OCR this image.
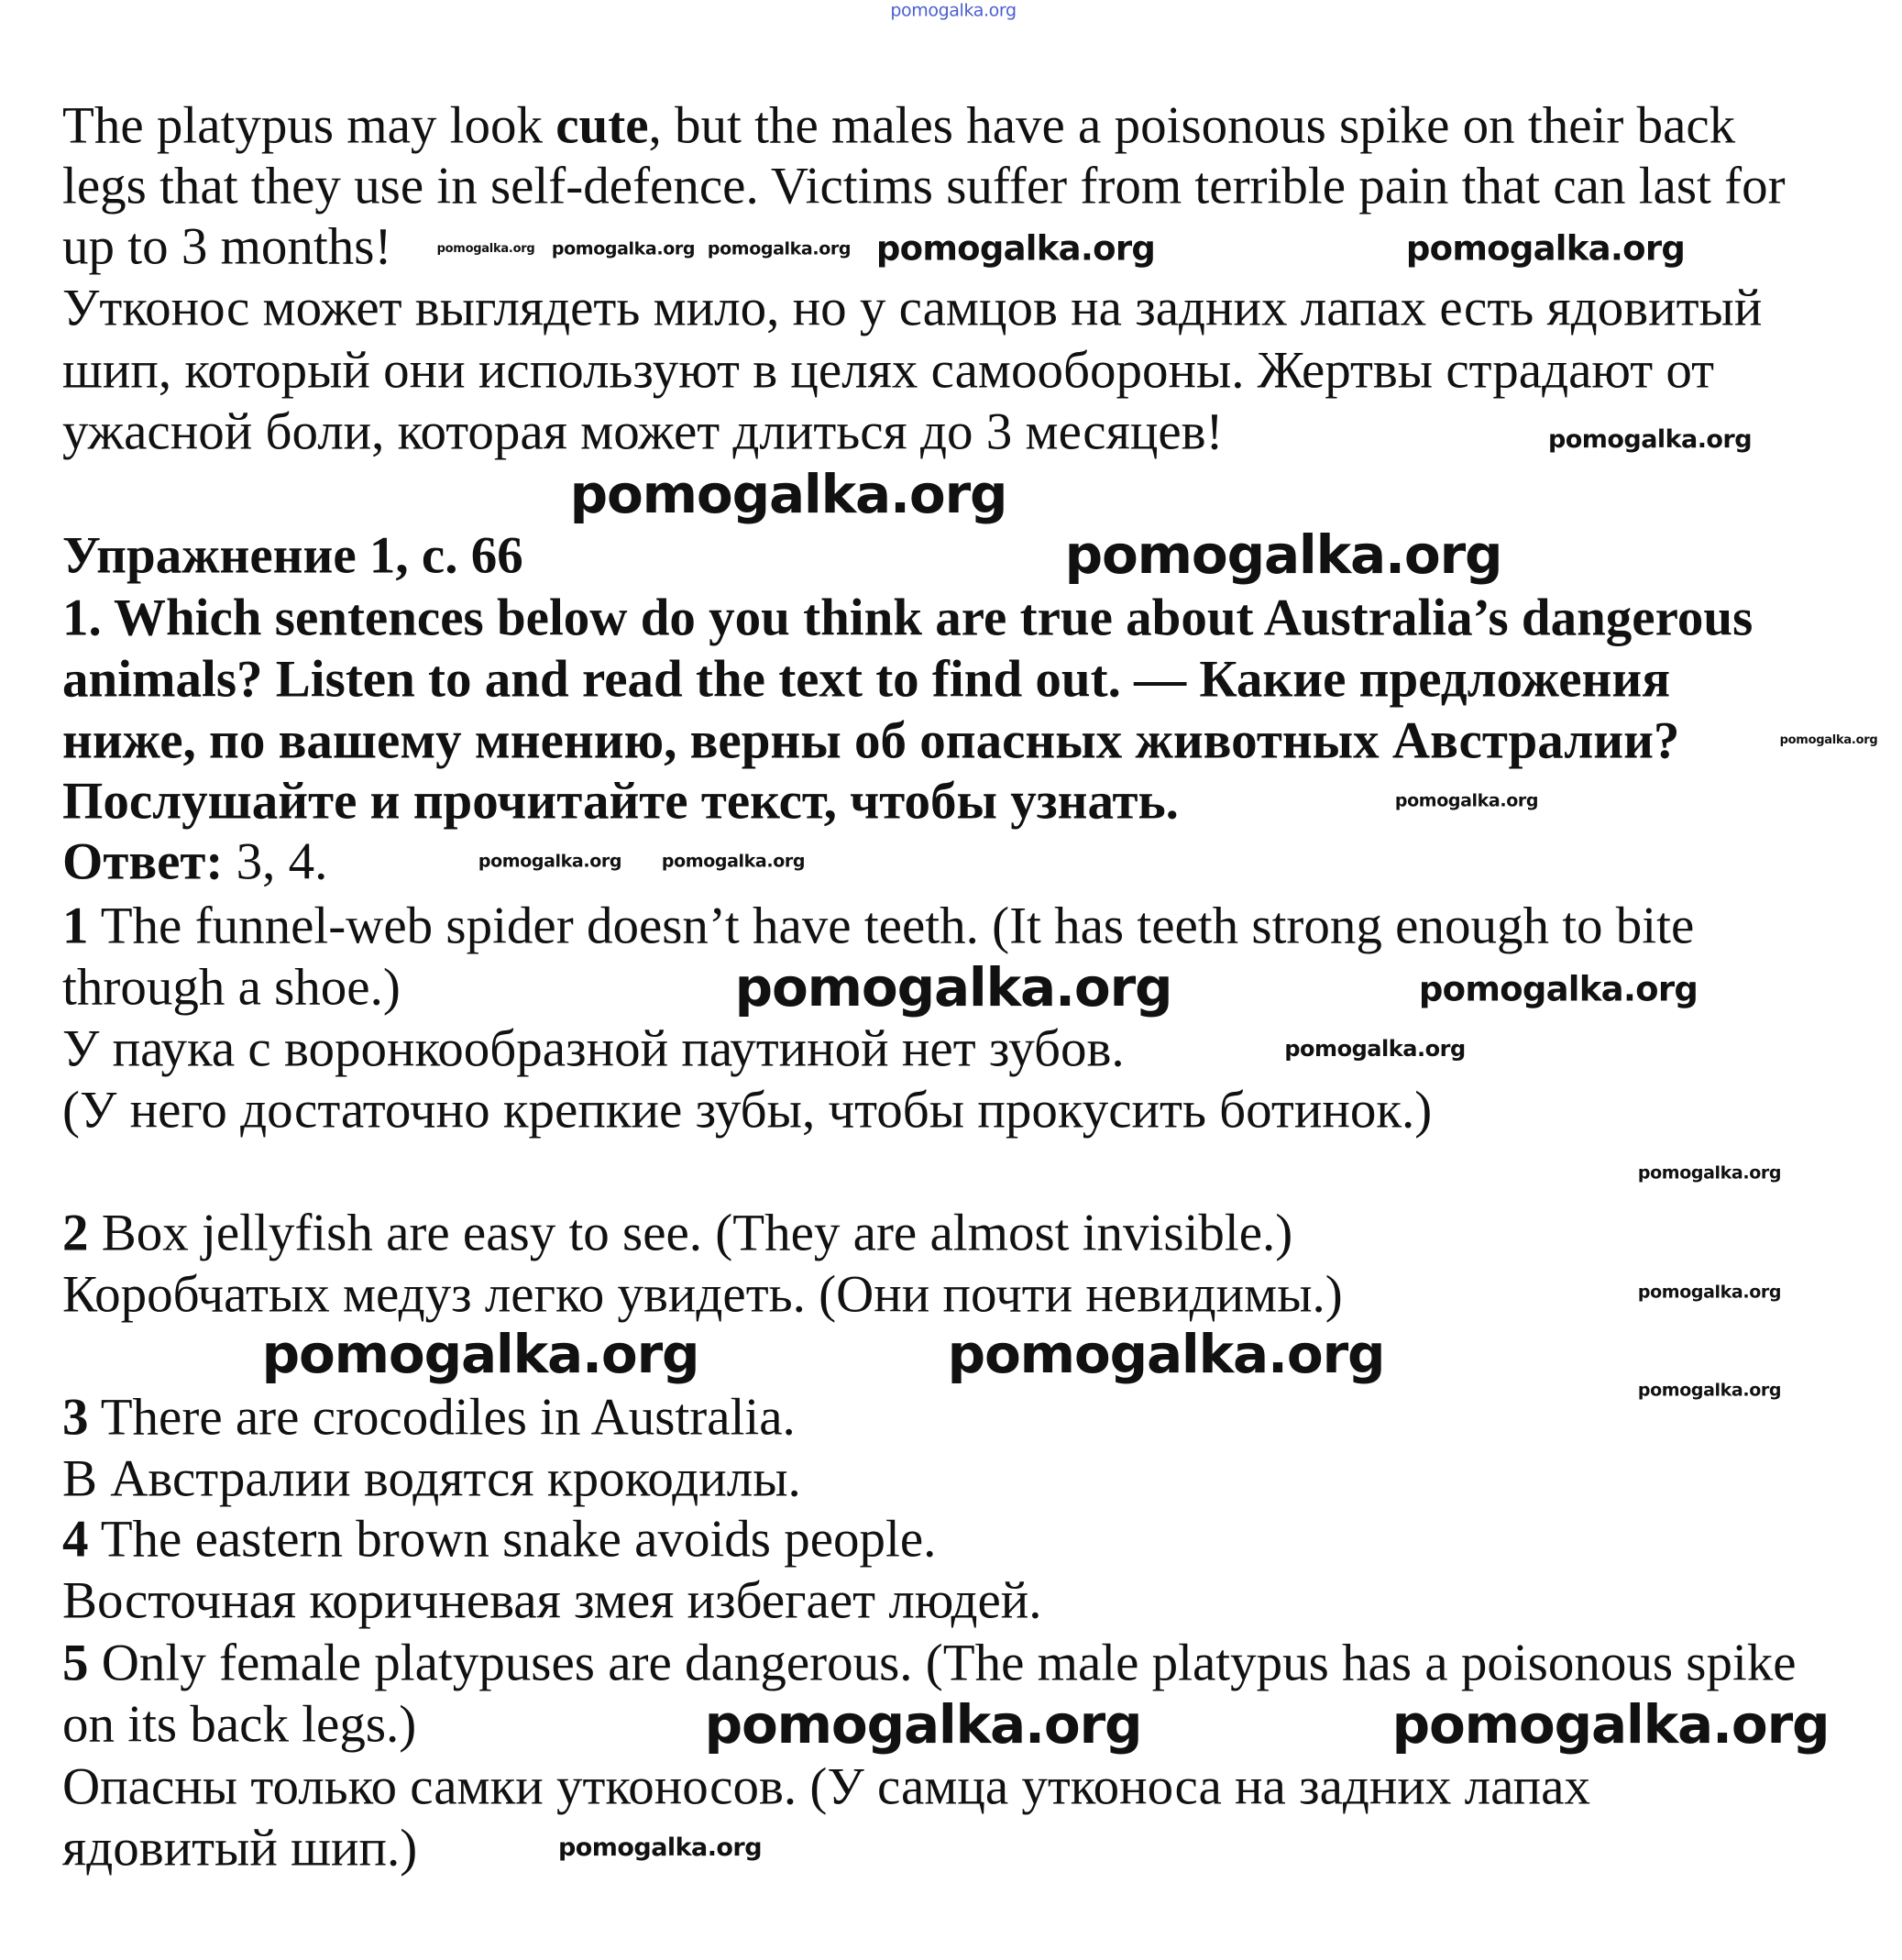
pomogalka.org
The platypus may look cute, but the males have a poisonous spike on their back
legs that they use in self-defence. Victims suffer from terrible pain that can last for
up to 3 months!
Утконос может выглядеть мило, но у самцов на задних лапах есть ядовитый
шип, который они используют в целях самообороны. Жертвы страдают от
ужасной боли, которая может длиться до 3 месяцев!
Упражнение 1, с. 66
1. Which sentences below do you think are true about Australia’s dangerous
animals? Listen to and read the text to find out. — Какие предложения
ниже, по вашему мнению, верны об опасных животных Австралии?
Послушайте и прочитайте текст, чтобы узнать.
Ответ: 3, 4.
1 The funnel-web spider doesn’t have teeth. (It has teeth strong enough to bite
through a shoe.)
У паука с воронкообразной паутиной нет зубов.
(У него достаточно крепкие зубы, чтобы прокусить ботинок.)
2 Box jellyfish are easy to see. (They are almost invisible.)
Коробчатых медуз легко увидеть. (Они почти невидимы.)
3 There are crocodiles in Australia.
В Австралии водятся крокодилы.
4 The eastern brown snake avoids people.
Восточная коричневая змея избегает людей.
5 Only female platypuses are dangerous. (The male platypus has a poisonous spike
on its back legs.)
Опасны только самки утконосов. (У самца утконоса на задних лапах
ядовитый шип.)
pomogalka.org pomogalka.org pomogalka.org pomogalka.org	pomogalka.org
pomogalka.org
pomogalka.org
pomogalka.org
pomogalka.org
pomogalka.org
pomogalka.org pomogalka.org
pomogalka.org	pomogalka.org
pomogalka.org
pomogalka.org
pomogalka.org
pomogalka.org
pomogalka.org	pomogalka.org
pomogalka.org	pomogalka.org
pomogalka.org
